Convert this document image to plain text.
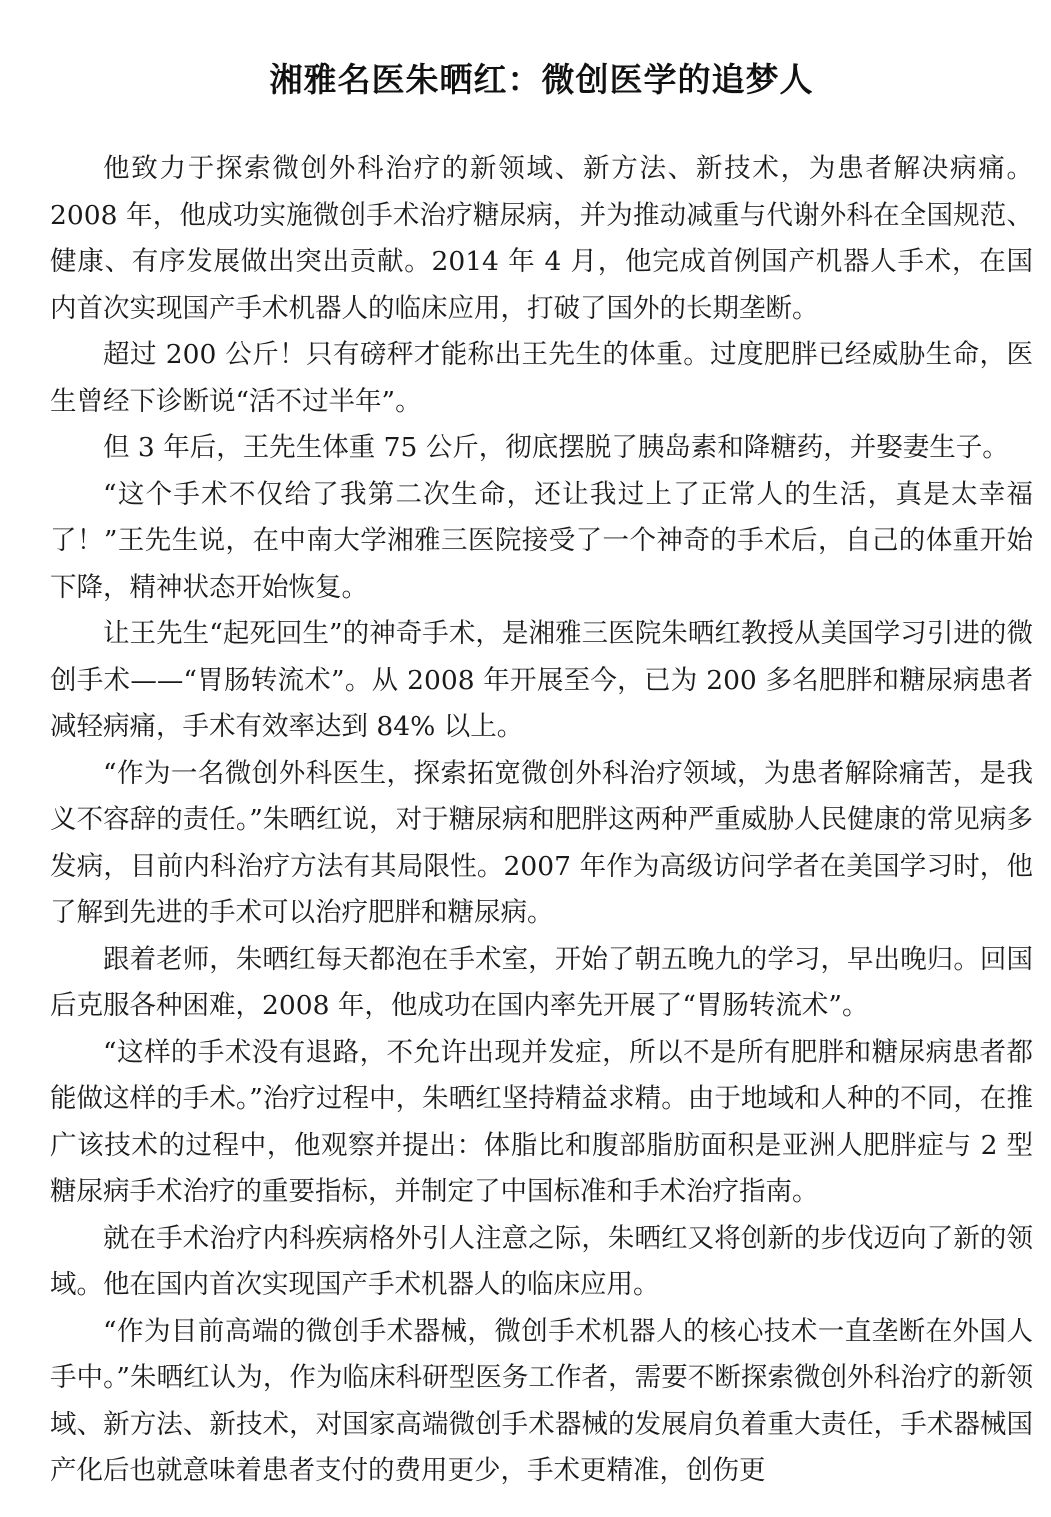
湘雅名医朱晒红：微创医学的追梦人

他致力于探索微创外科治疗的新领域、新方法、新技术，为患者解决病痛。2008 年，他成功实施微创手术治疗糖尿病，并为推动减重与代谢外科在全国规范、健康、有序发展做出突出贡献。2014 年 4 月，他完成首例国产机器人手术，在国内首次实现国产手术机器人的临床应用，打破了国外的长期垄断。

超过 200 公斤！只有磅秤才能称出王先生的体重。过度肥胖已经威胁生命，医生曾经下诊断说“活不过半年”。

但 3 年后，王先生体重 75 公斤，彻底摆脱了胰岛素和降糖药，并娶妻生子。

“这个手术不仅给了我第二次生命，还让我过上了正常人的生活，真是太幸福了！”王先生说，在中南大学湘雅三医院接受了一个神奇的手术后，自己的体重开始下降，精神状态开始恢复。

让王先生“起死回生”的神奇手术，是湘雅三医院朱晒红教授从美国学习引进的微创手术——“胃肠转流术”。从 2008 年开展至今，已为 200 多名肥胖和糖尿病患者减轻病痛，手术有效率达到 84% 以上。

“作为一名微创外科医生，探索拓宽微创外科治疗领域，为患者解除痛苦，是我义不容辞的责任。”朱晒红说，对于糖尿病和肥胖这两种严重威胁人民健康的常见病多发病，目前内科治疗方法有其局限性。2007 年作为高级访问学者在美国学习时，他了解到先进的手术可以治疗肥胖和糖尿病。

跟着老师，朱晒红每天都泡在手术室，开始了朝五晚九的学习，早出晚归。回国后克服各种困难，2008 年，他成功在国内率先开展了“胃肠转流术”。

“这样的手术没有退路，不允许出现并发症，所以不是所有肥胖和糖尿病患者都能做这样的手术。”治疗过程中，朱晒红坚持精益求精。由于地域和人种的不同，在推广该技术的过程中，他观察并提出：体脂比和腹部脂肪面积是亚洲人肥胖症与 2 型糖尿病手术治疗的重要指标，并制定了中国标准和手术治疗指南。

就在手术治疗内科疾病格外引人注意之际，朱晒红又将创新的步伐迈向了新的领域。他在国内首次实现国产手术机器人的临床应用。

“作为目前高端的微创手术器械，微创手术机器人的核心技术一直垄断在外国人手中。”朱晒红认为，作为临床科研型医务工作者，需要不断探索微创外科治疗的新领域、新方法、新技术，对国家高端微创手术器械的发展肩负着重大责任，手术器械国产化后也就意味着患者支付的费用更少，手术更精准，创伤更
